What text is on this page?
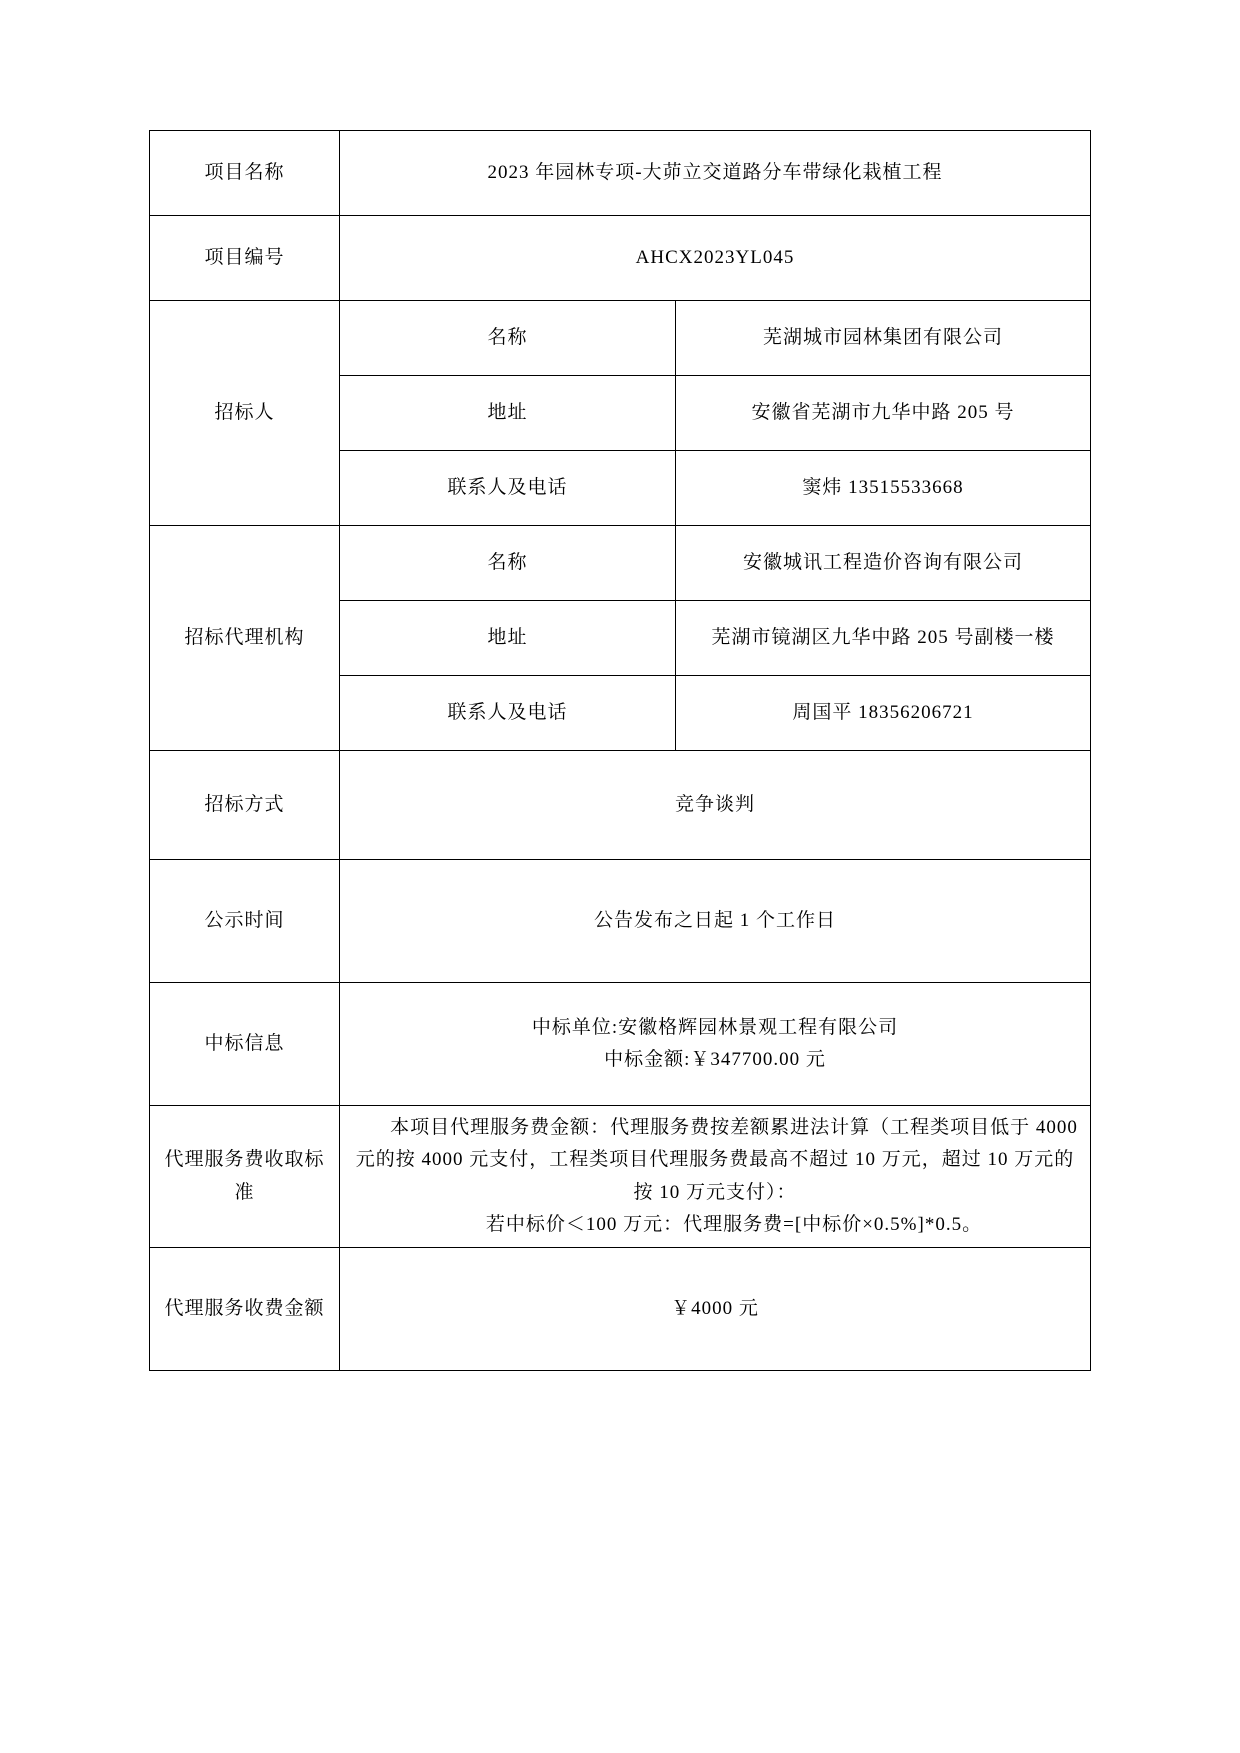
项目名称	2023 年园林专项-大茆立交道路分车带绿化栽植工程	
项目编号	AHCX2023YL045	
招标人	名称	芜湖城市园林集团有限公司
	地址	安徽省芜湖市九华中路 205 号
	联系人及电话	窦炜 13515533668
招标代理机构	名称	安徽城讯工程造价咨询有限公司
	地址	芜湖市镜湖区九华中路 205 号副楼一楼
	联系人及电话	周国平 18356206721
招标方式	竞争谈判	
公示时间	公告发布之日起 1 个工作日	
中标信息	中标单位:安徽格辉园林景观工程有限公司
中标金额:￥347700.00 元	

代理服务费收取标准	本项目代理服务费金额：代理服务费按差额累进法计算（工程类项目低于 4000 元的按 4000 元支付，工程类项目代理服务费最高不超过 10 万元，超过 10 万元的按 10 万元支付）：

若中标价＜100 万元：代理服务费=[中标价×0.5%]*0.5。	

代理服务收费金额	￥4000 元	
